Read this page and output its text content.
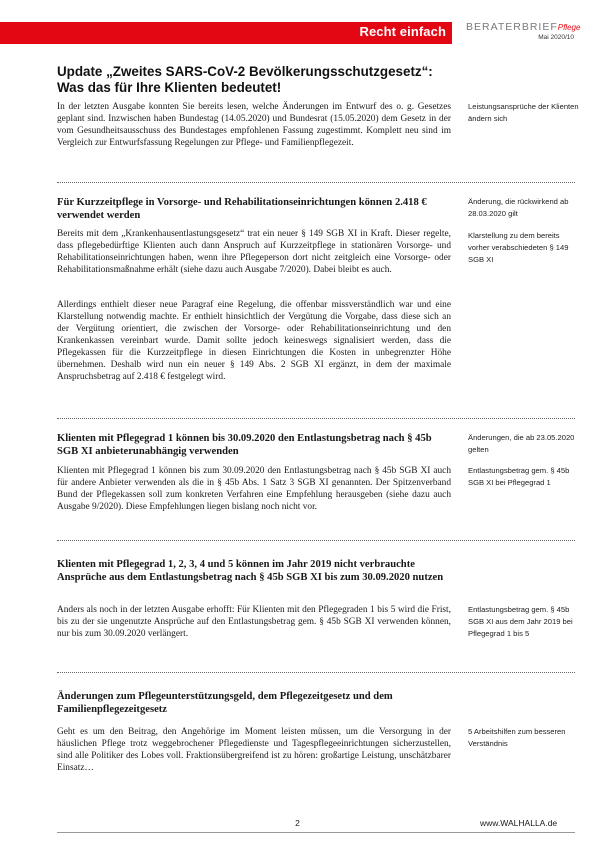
Recht einfach BERATERBRIEFPflege
Mai 2020/10
Update „Zweites SARS-CoV-2 Bevölkerungsschutzgesetz“: Was das für Ihre Klienten bedeutet!
In der letzten Ausgabe konnten Sie bereits lesen, welche Änderungen im Entwurf des o. g. Gesetzes geplant sind. Inzwischen haben Bundestag (14.05.2020) und Bundesrat (15.05.2020) dem Gesetz in der vom Gesundheitsausschuss des Bundestages empfohlenen Fassung zugestimmt. Komplett neu sind im Vergleich zur Entwurfsfassung Regelungen zur Pflege- und Familienpflegezeit.
Leistungsansprüche der Klienten ändern sich
Für Kurzzeitpflege in Vorsorge- und Rehabilitationseinrichtungen können 2.418 € verwendet werden
Änderung, die rückwirkend ab 28.03.2020 gilt
Bereits mit dem „Krankenhausentlastungsgesetz“ trat ein neuer § 149 SGB XI in Kraft. Dieser regelte, dass pflegebedürftige Klienten auch dann Anspruch auf Kurzzeitpflege in stationären Vorsorge- und Rehabilitationseinrichtungen haben, wenn ihre Pflegeperson dort nicht zeitgleich eine Vorsorge- oder Rehabilitationsmaßnahme erhält (siehe dazu auch Ausgabe 7/2020). Dabei bleibt es auch.
Klarstellung zu dem bereits vorher verabschiedeten § 149 SGB XI
Allerdings enthielt dieser neue Paragraf eine Regelung, die offenbar missverständlich war und eine Klarstellung notwendig machte. Er enthielt hinsichtlich der Vergütung die Vorgabe, dass diese sich an der Vergütung orientiert, die zwischen der Vorsorge- oder Rehabilitationseinrichtung und den Krankenkassen vereinbart wurde. Damit sollte jedoch keineswegs signalisiert werden, dass die Pflegekassen für die Kurzzeitpflege in diesen Einrichtungen die Kosten in unbegrenzter Höhe übernehmen. Deshalb wird nun ein neuer § 149 Abs. 2 SGB XI ergänzt, in dem der maximale Anspruchsbetrag auf 2.418 € festgelegt wird.
Klienten mit Pflegegrad 1 können bis 30.09.2020 den Entlastungsbetrag nach § 45b SGB XI anbieterunabhängig verwenden
Änderungen, die ab 23.05.2020 gelten
Klienten mit Pflegegrad 1 können bis zum 30.09.2020 den Entlastungsbetrag nach § 45b SGB XI auch für andere Anbieter verwenden als die in § 45b Abs. 1 Satz 3 SGB XI genannten. Der Spitzenverband Bund der Pflegekassen soll zum konkreten Verfahren eine Empfehlung herausgeben (siehe dazu auch Ausgabe 9/2020). Diese Empfehlungen liegen bislang noch nicht vor.
Entlastungsbetrag gem. § 45b SGB XI bei Pflegegrad 1
Klienten mit Pflegegrad 1, 2, 3, 4 und 5 können im Jahr 2019 nicht verbrauchte Ansprüche aus dem Entlastungsbetrag nach § 45b SGB XI bis zum 30.09.2020 nutzen
Anders als noch in der letzten Ausgabe erhofft: Für Klienten mit den Pflegegraden 1 bis 5 wird die Frist, bis zu der sie ungenutzte Ansprüche auf den Entlastungsbetrag gem. § 45b SGB XI verwenden können, nur bis zum 30.09.2020 verlängert.
Entlastungsbetrag gem. § 45b SGB XI aus dem Jahr 2019 bei Pflegegrad 1 bis 5
Änderungen zum Pflegeunterstützungsgeld, dem Pflegezeitgesetz und dem Familienpflegezeitgesetz
Geht es um den Beitrag, den Angehörige im Moment leisten müssen, um die Versorgung in der häuslichen Pflege trotz weggebrochener Pflegedienste und Tagespflegeeinrichtungen sicherzustellen, sind alle Politiker des Lobes voll. Fraktionsübergreifend ist zu hören: großartige Leistung, unschätzbarer Einsatz…
5 Arbeitshilfen zum besseren Verständnis
2	www.WALHALLA.de
